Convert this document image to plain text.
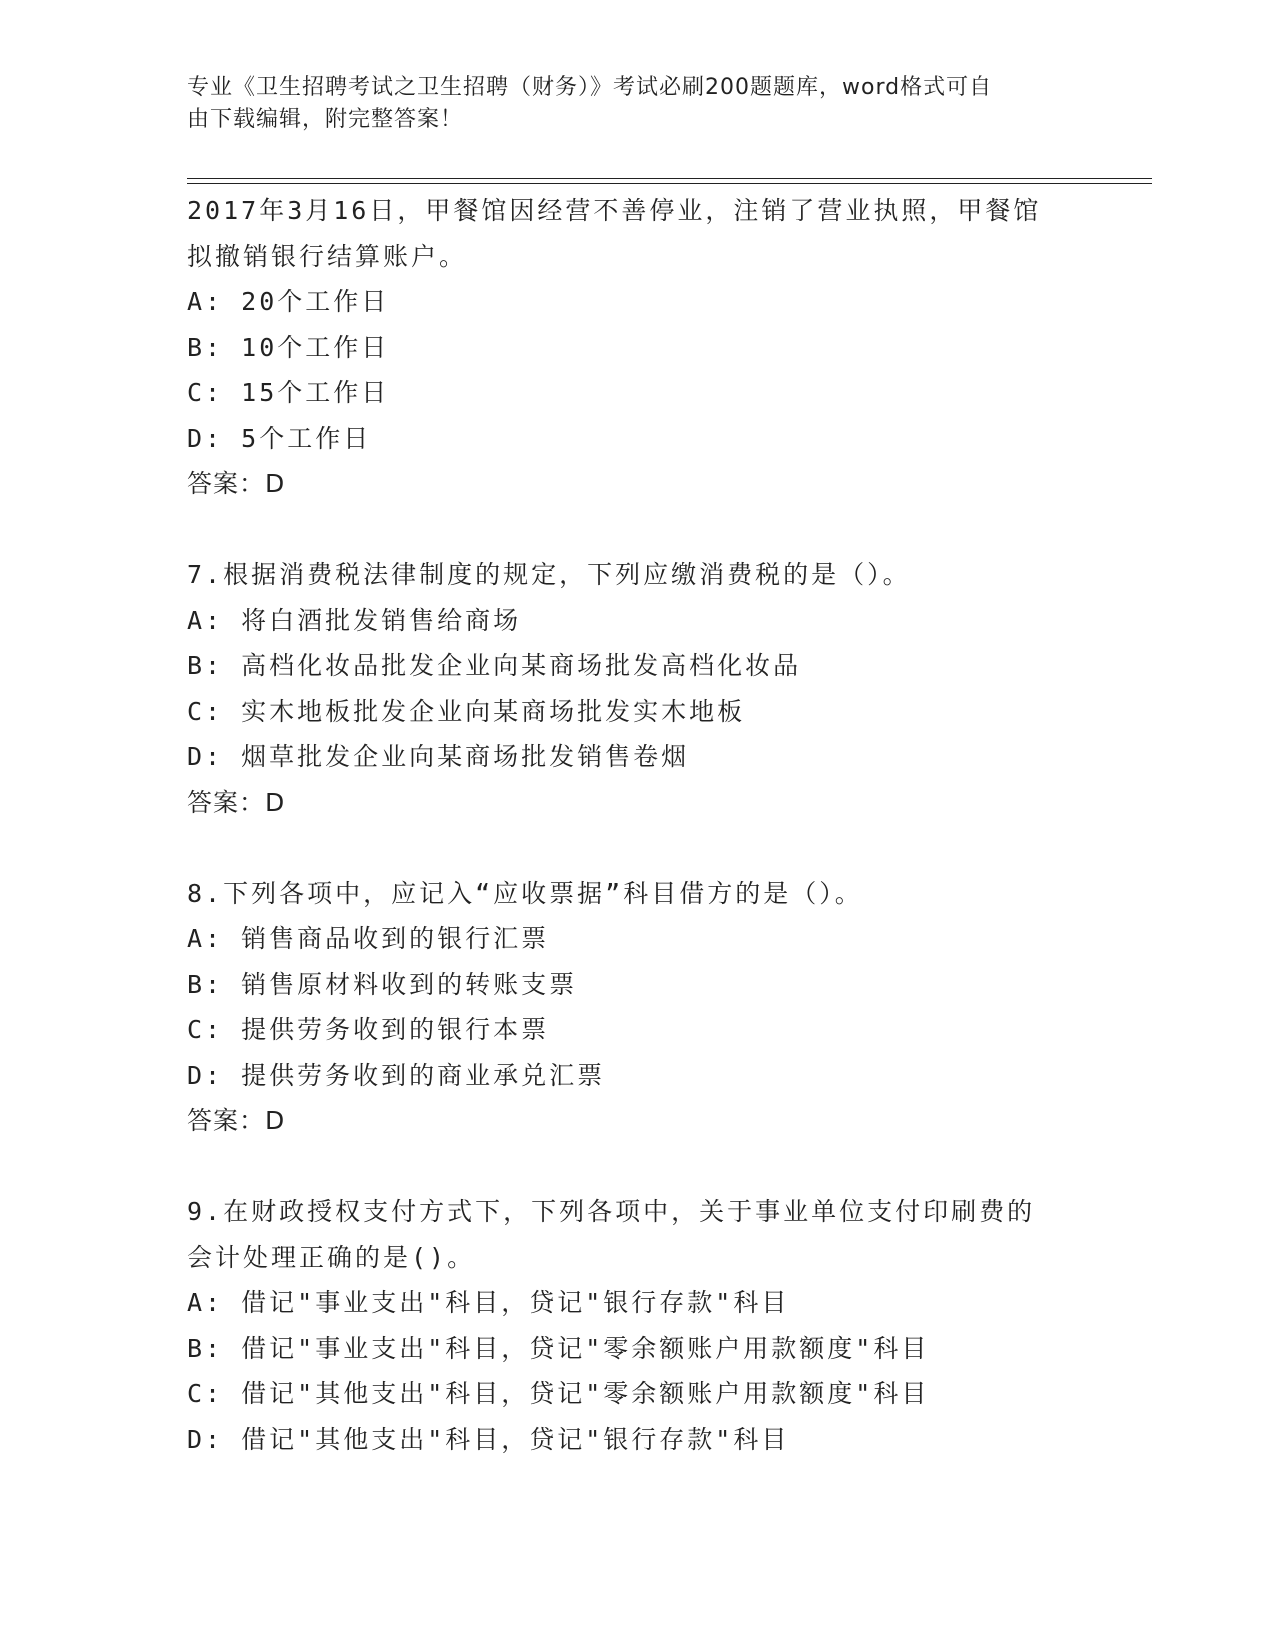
专业《卫生招聘考试之卫生招聘（财务）》考试必刷200题题库，word格式可自
由下载编辑，附完整答案！
2017年3月16日，甲餐馆因经营不善停业，注销了营业执照，甲餐馆
拟撤销银行结算账户。
A: 20个工作日
B: 10个工作日
C: 15个工作日
D: 5个工作日
答案：D
7.根据消费税法律制度的规定，下列应缴消费税的是（）。
A: 将白酒批发销售给商场
B: 高档化妆品批发企业向某商场批发高档化妆品
C: 实木地板批发企业向某商场批发实木地板
D: 烟草批发企业向某商场批发销售卷烟
答案：D
8.下列各项中，应记入“应收票据”科目借方的是（）。
A: 销售商品收到的银行汇票
B: 销售原材料收到的转账支票
C: 提供劳务收到的银行本票
D: 提供劳务收到的商业承兑汇票
答案：D
9.在财政授权支付方式下，下列各项中，关于事业单位支付印刷费的
会计处理正确的是()。
A: 借记"事业支出"科目，贷记"银行存款"科目
B: 借记"事业支出"科目，贷记"零余额账户用款额度"科目
C: 借记"其他支出"科目，贷记"零余额账户用款额度"科目
D: 借记"其他支出"科目，贷记"银行存款"科目
